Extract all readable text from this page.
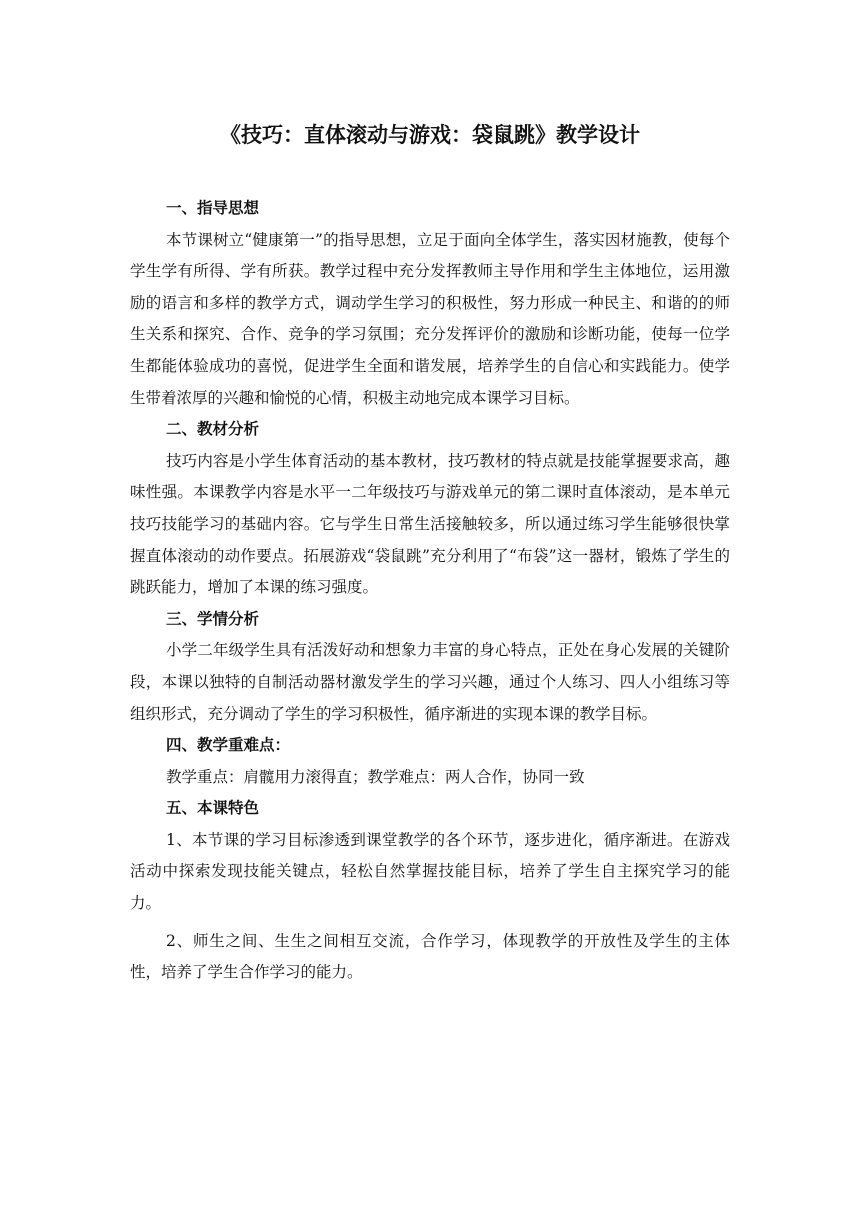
《技巧：直体滚动与游戏：袋鼠跳》教学设计

一、指导思想

本节课树立“健康第一”的指导思想，立足于面向全体学生，落实因材施教，使每个学生学有所得、学有所获。教学过程中充分发挥教师主导作用和学生主体地位，运用激励的语言和多样的教学方式，调动学生学习的积极性，努力形成一种民主、和谐的的师生关系和探究、合作、竞争的学习氛围；充分发挥评价的激励和诊断功能，使每一位学生都能体验成功的喜悦，促进学生全面和谐发展，培养学生的自信心和实践能力。使学生带着浓厚的兴趣和愉悦的心情，积极主动地完成本课学习目标。

二、教材分析

技巧内容是小学生体育活动的基本教材，技巧教材的特点就是技能掌握要求高，趣味性强。本课教学内容是水平一二年级技巧与游戏单元的第二课时直体滚动，是本单元技巧技能学习的基础内容。它与学生日常生活接触较多，所以通过练习学生能够很快掌握直体滚动的动作要点。拓展游戏“袋鼠跳”充分利用了“布袋”这一器材，锻炼了学生的跳跃能力，增加了本课的练习强度。

三、学情分析

小学二年级学生具有活泼好动和想象力丰富的身心特点，正处在身心发展的关键阶段，本课以独特的自制活动器材激发学生的学习兴趣，通过个人练习、四人小组练习等组织形式，充分调动了学生的学习积极性，循序渐进的实现本课的教学目标。

四、教学重难点：

教学重点：肩髋用力滚得直；教学难点：两人合作，协同一致

五、本课特色

1、本节课的学习目标渗透到课堂教学的各个环节，逐步进化，循序渐进。在游戏活动中探索发现技能关键点，轻松自然掌握技能目标，培养了学生自主探究学习的能力。

2、师生之间、生生之间相互交流，合作学习，体现教学的开放性及学生的主体性，培养了学生合作学习的能力。
